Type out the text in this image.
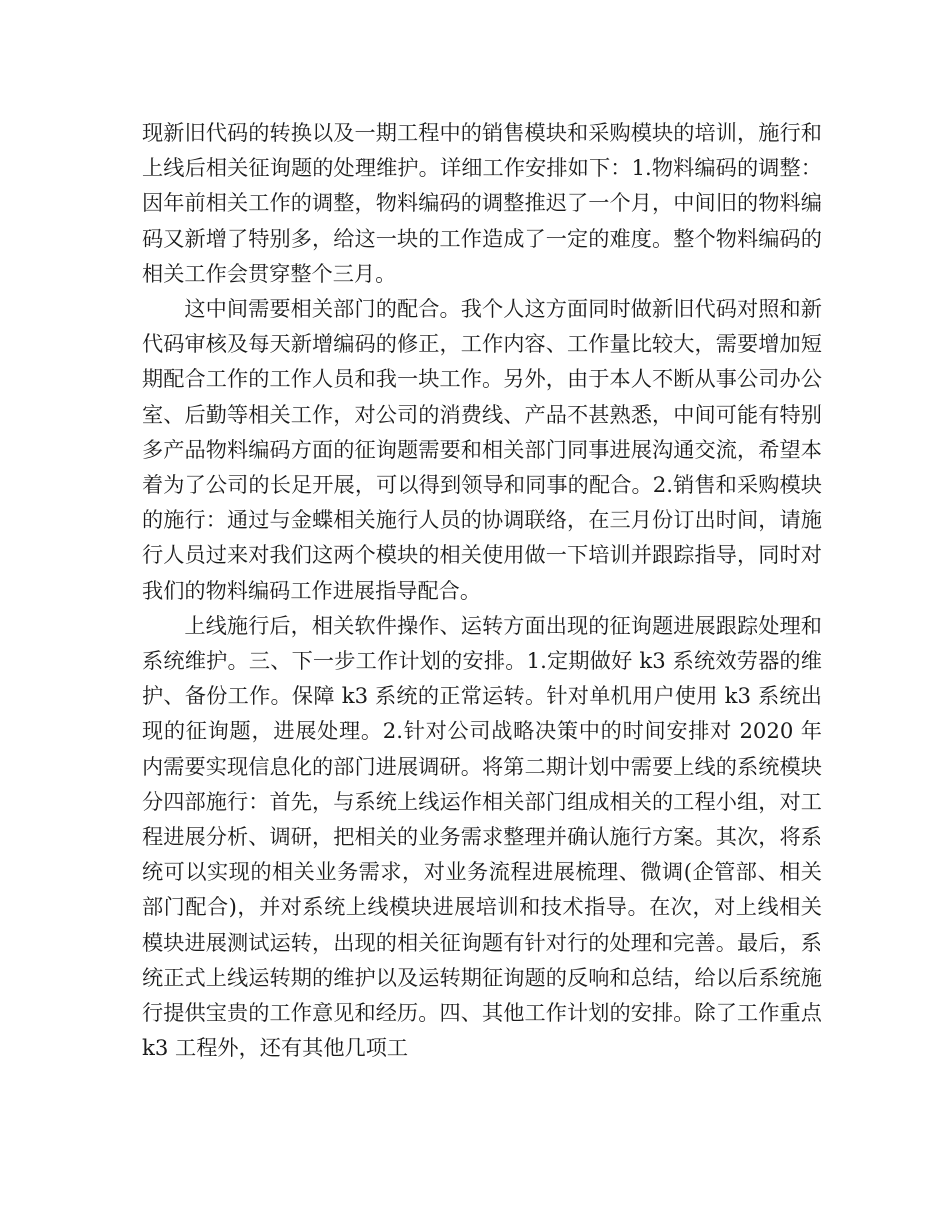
现新旧代码的转换以及一期工程中的销售模块和采购模块的培训，施行和上线后相关征询题的处理维护。详细工作安排如下：1.物料编码的调整：因年前相关工作的调整，物料编码的调整推迟了一个月，中间旧的物料编码又新增了特别多，给这一块的工作造成了一定的难度。整个物料编码的相关工作会贯穿整个三月。

这中间需要相关部门的配合。我个人这方面同时做新旧代码对照和新代码审核及每天新增编码的修正，工作内容、工作量比较大，需要增加短期配合工作的工作人员和我一块工作。另外，由于本人不断从事公司办公室、后勤等相关工作，对公司的消费线、产品不甚熟悉，中间可能有特别多产品物料编码方面的征询题需要和相关部门同事进展沟通交流，希望本着为了公司的长足开展，可以得到领导和同事的配合。2.销售和采购模块的施行：通过与金蝶相关施行人员的协调联络，在三月份订出时间，请施行人员过来对我们这两个模块的相关使用做一下培训并跟踪指导，同时对我们的物料编码工作进展指导配合。

上线施行后，相关软件操作、运转方面出现的征询题进展跟踪处理和系统维护。三、下一步工作计划的安排。1.定期做好 k3 系统效劳器的维护、备份工作。保障 k3 系统的正常运转。针对单机用户使用 k3 系统出现的征询题，进展处理。2.针对公司战略决策中的时间安排对 2020 年内需要实现信息化的部门进展调研。将第二期计划中需要上线的系统模块分四部施行：首先，与系统上线运作相关部门组成相关的工程小组，对工程进展分析、调研，把相关的业务需求整理并确认施行方案。其次，将系统可以实现的相关业务需求，对业务流程进展梳理、微调(企管部、相关部门配合)，并对系统上线模块进展培训和技术指导。在次，对上线相关模块进展测试运转，出现的相关征询题有针对行的处理和完善。最后，系统正式上线运转期的维护以及运转期征询题的反响和总结，给以后系统施行提供宝贵的工作意见和经历。四、其他工作计划的安排。除了工作重点 k3 工程外，还有其他几项工
